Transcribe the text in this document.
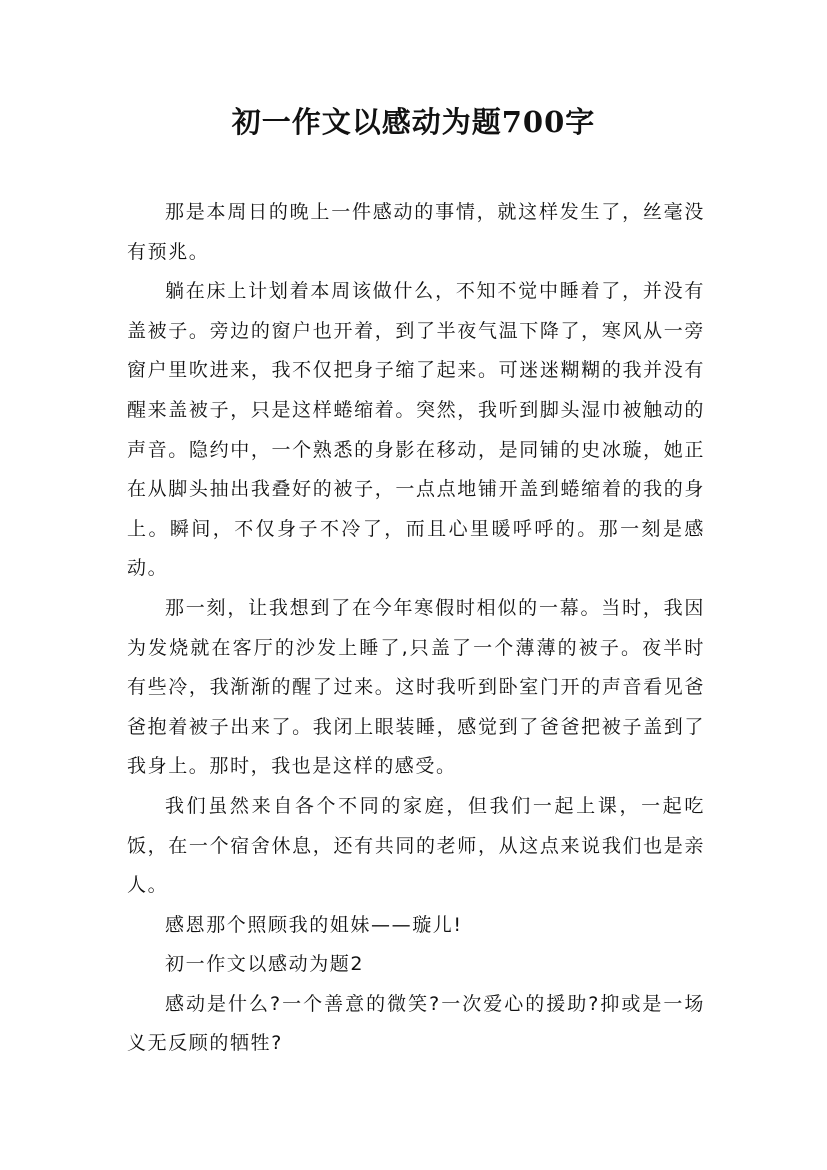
初一作文以感动为题700字

那是本周日的晚上一件感动的事情，就这样发生了，丝毫没有预兆。

躺在床上计划着本周该做什么，不知不觉中睡着了，并没有盖被子。旁边的窗户也开着，到了半夜气温下降了，寒风从一旁窗户里吹进来，我不仅把身子缩了起来。可迷迷糊糊的我并没有醒来盖被子，只是这样蜷缩着。突然，我听到脚头湿巾被触动的声音。隐约中，一个熟悉的身影在移动，是同铺的史冰璇，她正在从脚头抽出我叠好的被子，一点点地铺开盖到蜷缩着的我的身上。瞬间，不仅身子不冷了，而且心里暖呼呼的。那一刻是感动。

那一刻，让我想到了在今年寒假时相似的一幕。当时，我因为发烧就在客厅的沙发上睡了,只盖了一个薄薄的被子。夜半时有些冷，我渐渐的醒了过来。这时我听到卧室门开的声音看见爸爸抱着被子出来了。我闭上眼装睡，感觉到了爸爸把被子盖到了我身上。那时，我也是这样的感受。

我们虽然来自各个不同的家庭，但我们一起上课，一起吃饭，在一个宿舍休息，还有共同的老师，从这点来说我们也是亲人。

感恩那个照顾我的姐妹——璇儿!

初一作文以感动为题2

感动是什么?一个善意的微笑?一次爱心的援助?抑或是一场义无反顾的牺牲?
